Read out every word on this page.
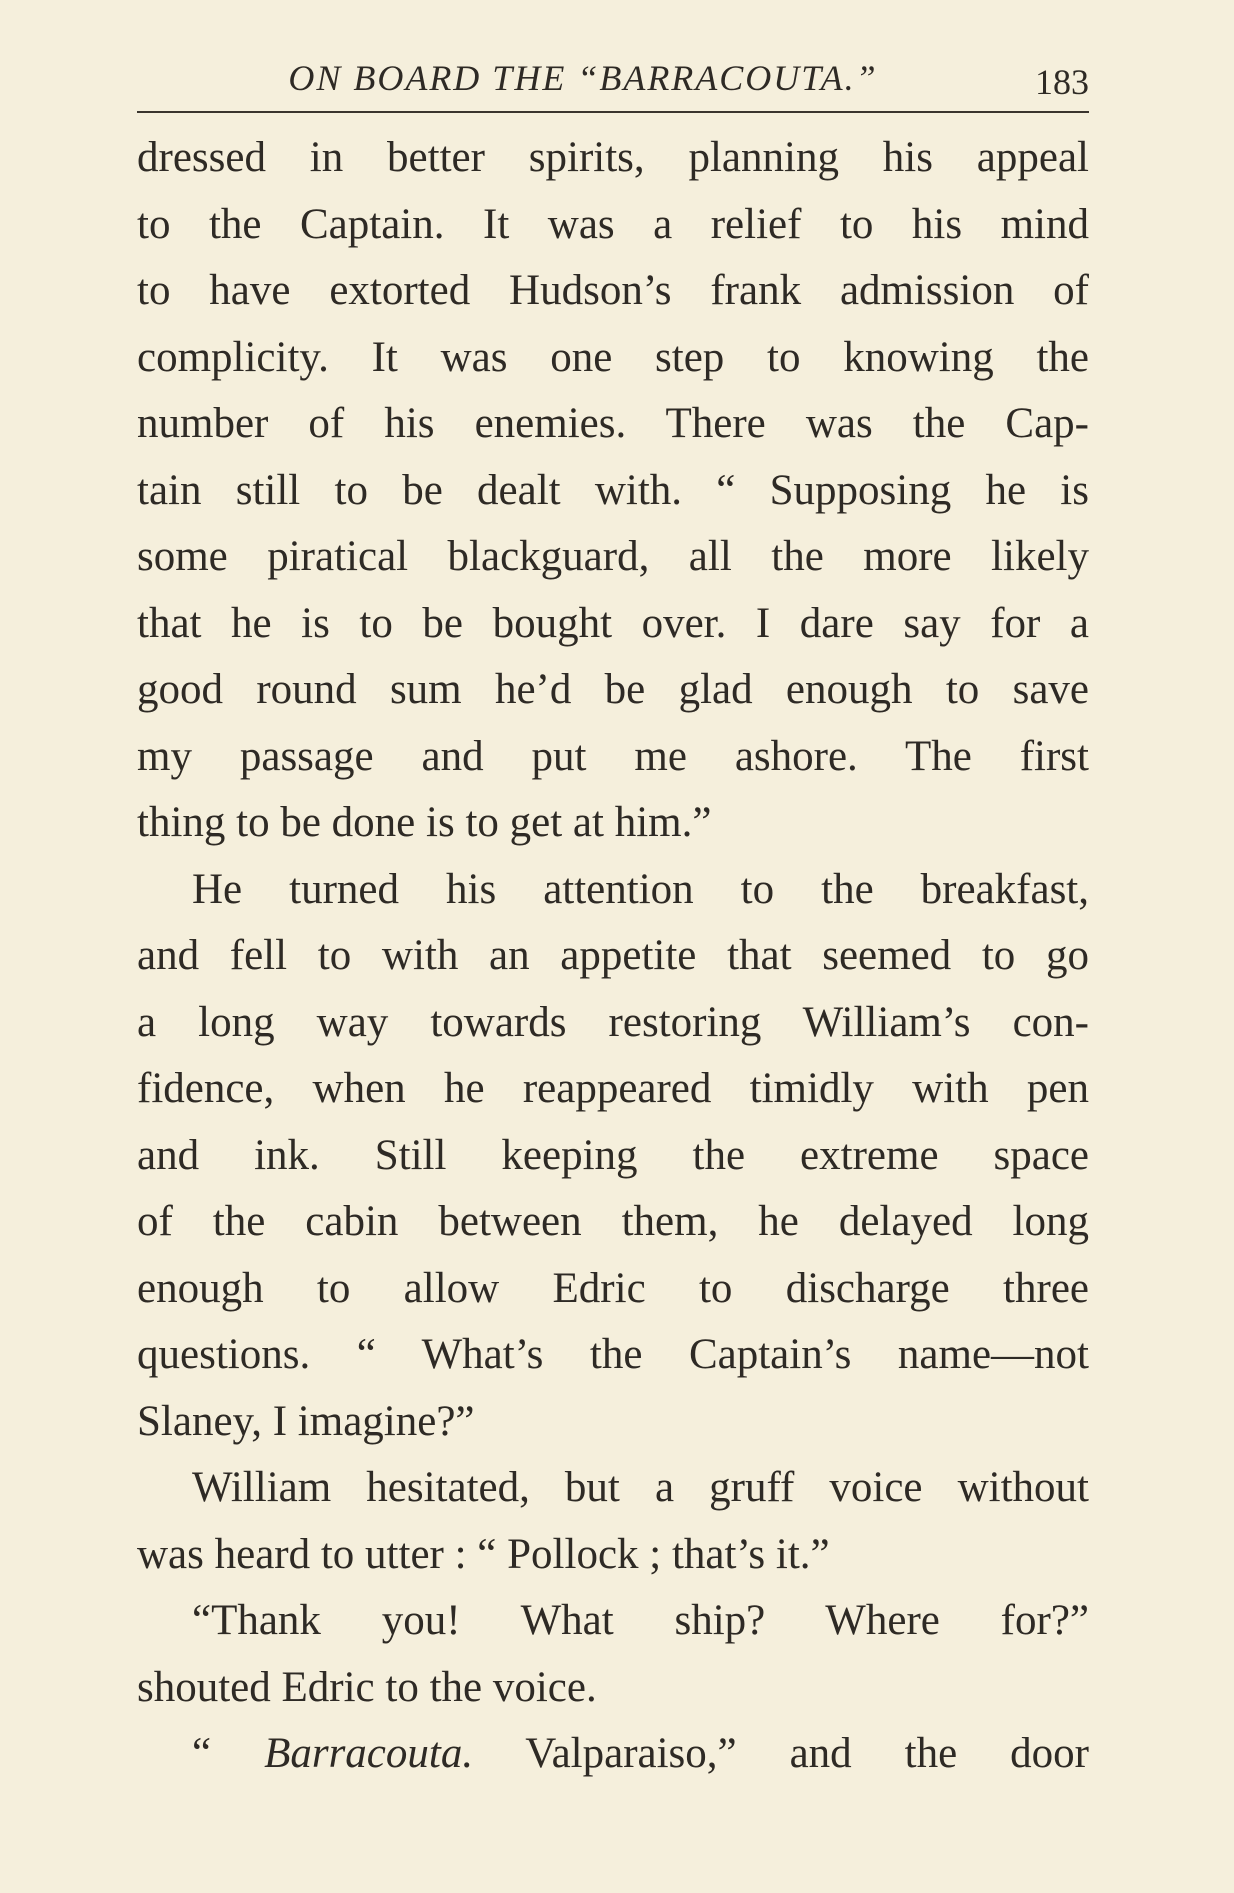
ON BOARD THE “BARRACOUTA.”	183
dressed in better spirits, planning his appeal
to the Captain. It was a relief to his mind
to have extorted Hudson’s frank admission of
complicity. It was one step to knowing the
number of his enemies. There was the Cap-
tain still to be dealt with. “ Supposing he is
some piratical blackguard, all the more likely
that he is to be bought over. I dare say for a
good round sum he’d be glad enough to save
my passage and put me ashore. The first
thing to be done is to get at him.”
He turned his attention to the breakfast,
and fell to with an appetite that seemed to go
a long way towards restoring William’s con-
fidence, when he reappeared timidly with pen
and ink. Still keeping the extreme space
of the cabin between them, he delayed long
enough to allow Edric to discharge three
questions. “ What’s the Captain’s name—not
Slaney, I imagine?”
William hesitated, but a gruff voice without
was heard to utter : “ Pollock ; that’s it.”
“Thank you! What ship? Where for?”
shouted Edric to the voice.
“ Barracouta. Valparaiso,” and the door
